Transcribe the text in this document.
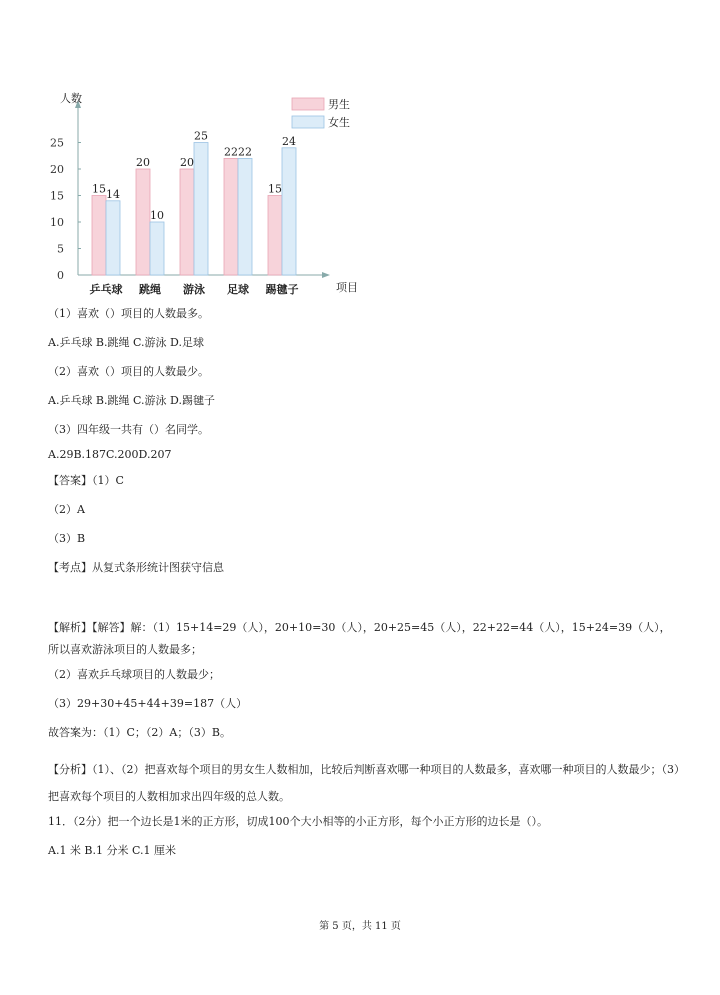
0
5
10
15
20
25
人数
项目
15 14
乒乓球
20
10
跳绳
20
25
游泳
22 22
足球
15
24
踢毽子
男生
女生
（1）喜欢（）项目的人数最多。
A.乒乓球 B.跳绳 C.游泳 D.足球
（2）喜欢（）项目的人数最少。
A.乒乓球 B.跳绳 C.游泳 D.踢毽子
（3）四年级一共有（）名同学。
A.29B.187C.200D.207
【答案】（1）C
（2）A
（3）B
【考点】从复式条形统计图获守信息
【解析】【解答】解：（1）15+14=29（人），20+10=30（人），20+25=45（人），22+22=44（人），15+24=39（人），所以喜欢游泳项目的人数最多；
（2）喜欢乒乓球项目的人数最少；
（3）29+30+45+44+39=187（人）
故答案为：（1）C；（2）A；（3）B。
【分析】（1）、（2）把喜欢每个项目的男女生人数相加，比较后判断喜欢哪一种项目的人数最多，喜欢哪一种项目的人数最少；（3）把喜欢每个项目的人数相加求出四年级的总人数。
11．（2分）把一个边长是1米的正方形，切成100个大小相等的小正方形，每个小正方形的边长是（）。
A.1 米 B.1 分米 C.1 厘米
第 5 页，共 11 页
